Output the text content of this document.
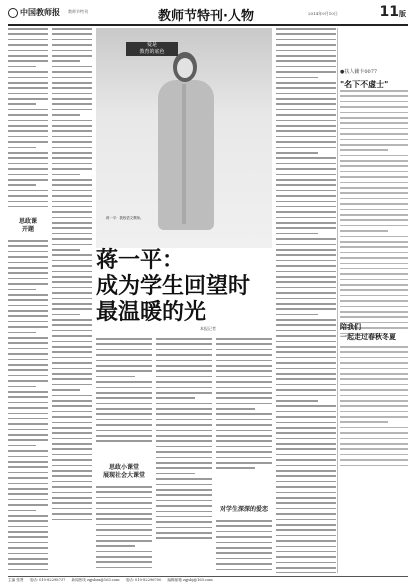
中国教师报 教师节特刊	教师节特刊·人物	2014年9月10日	11版
思政课
开题
爱是
教育的底色
蒋一平：我校语文教师。
蒋一平：
成为学生回望时
最温暖的光
本报记者
思政小课堂
展现社会大课堂
对学生深深的爱恋
●扶人籁卡0077
"名下不虚士"
陪我们
一起走过春秋冬夏
主编 张贤 电话: 010-82298737 新闻热线 zgjsbzx@163.com 电话: 010-82296700 编辑邮箱 zgjsbj@163.com
